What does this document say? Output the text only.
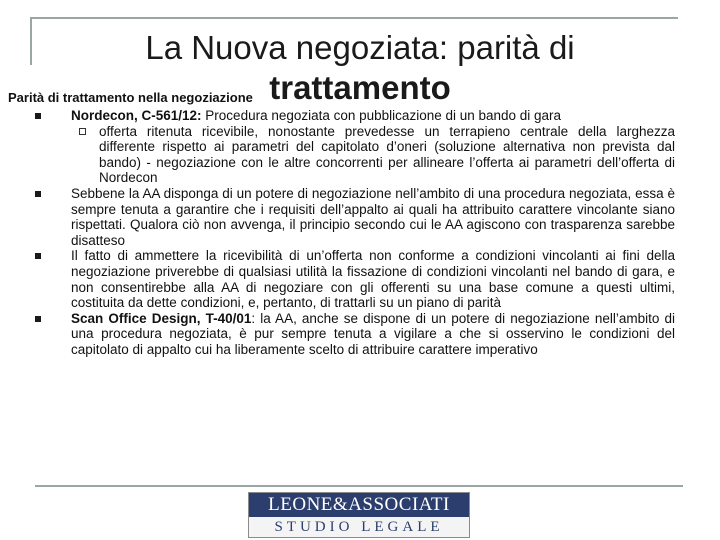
La Nuova negoziata: parità di
trattamento
Parità di trattamento nella negoziazione
Nordecon, C-561/12: Procedura negoziata con pubblicazione di un bando di gara
offerta ritenuta ricevibile, nonostante prevedesse un terrapieno centrale della larghezza differente rispetto ai parametri del capitolato d’oneri (soluzione alternativa non prevista dal bando) - negoziazione con le altre concorrenti per allineare l’offerta ai parametri dell’offerta di Nordecon
Sebbene la AA disponga di un potere di negoziazione nell’ambito di una procedura negoziata, essa è sempre tenuta a garantire che i requisiti dell’appalto ai quali ha attribuito carattere vincolante siano rispettati. Qualora ciò non avvenga, il principio secondo cui le AA agiscono con trasparenza sarebbe disatteso
Il fatto di ammettere la ricevibilità di un’offerta non conforme a condizioni vincolanti ai fini della negoziazione priverebbe di qualsiasi utilità la fissazione di condizioni vincolanti nel bando di gara, e non consentirebbe alla AA di negoziare con gli offerenti su una base comune a questi ultimi, costituita da dette condizioni, e, pertanto, di trattarli su un piano di parità
Scan Office Design, T-40/01: la AA, anche se dispone di un potere di negoziazione nell’ambito di una procedura negoziata, è pur sempre tenuta a vigilare a che si osservino le condizioni del capitolato di appalto cui ha liberamente scelto di attribuire carattere imperativo
LEONE&ASSOCIATI
STUDIO LEGALE
